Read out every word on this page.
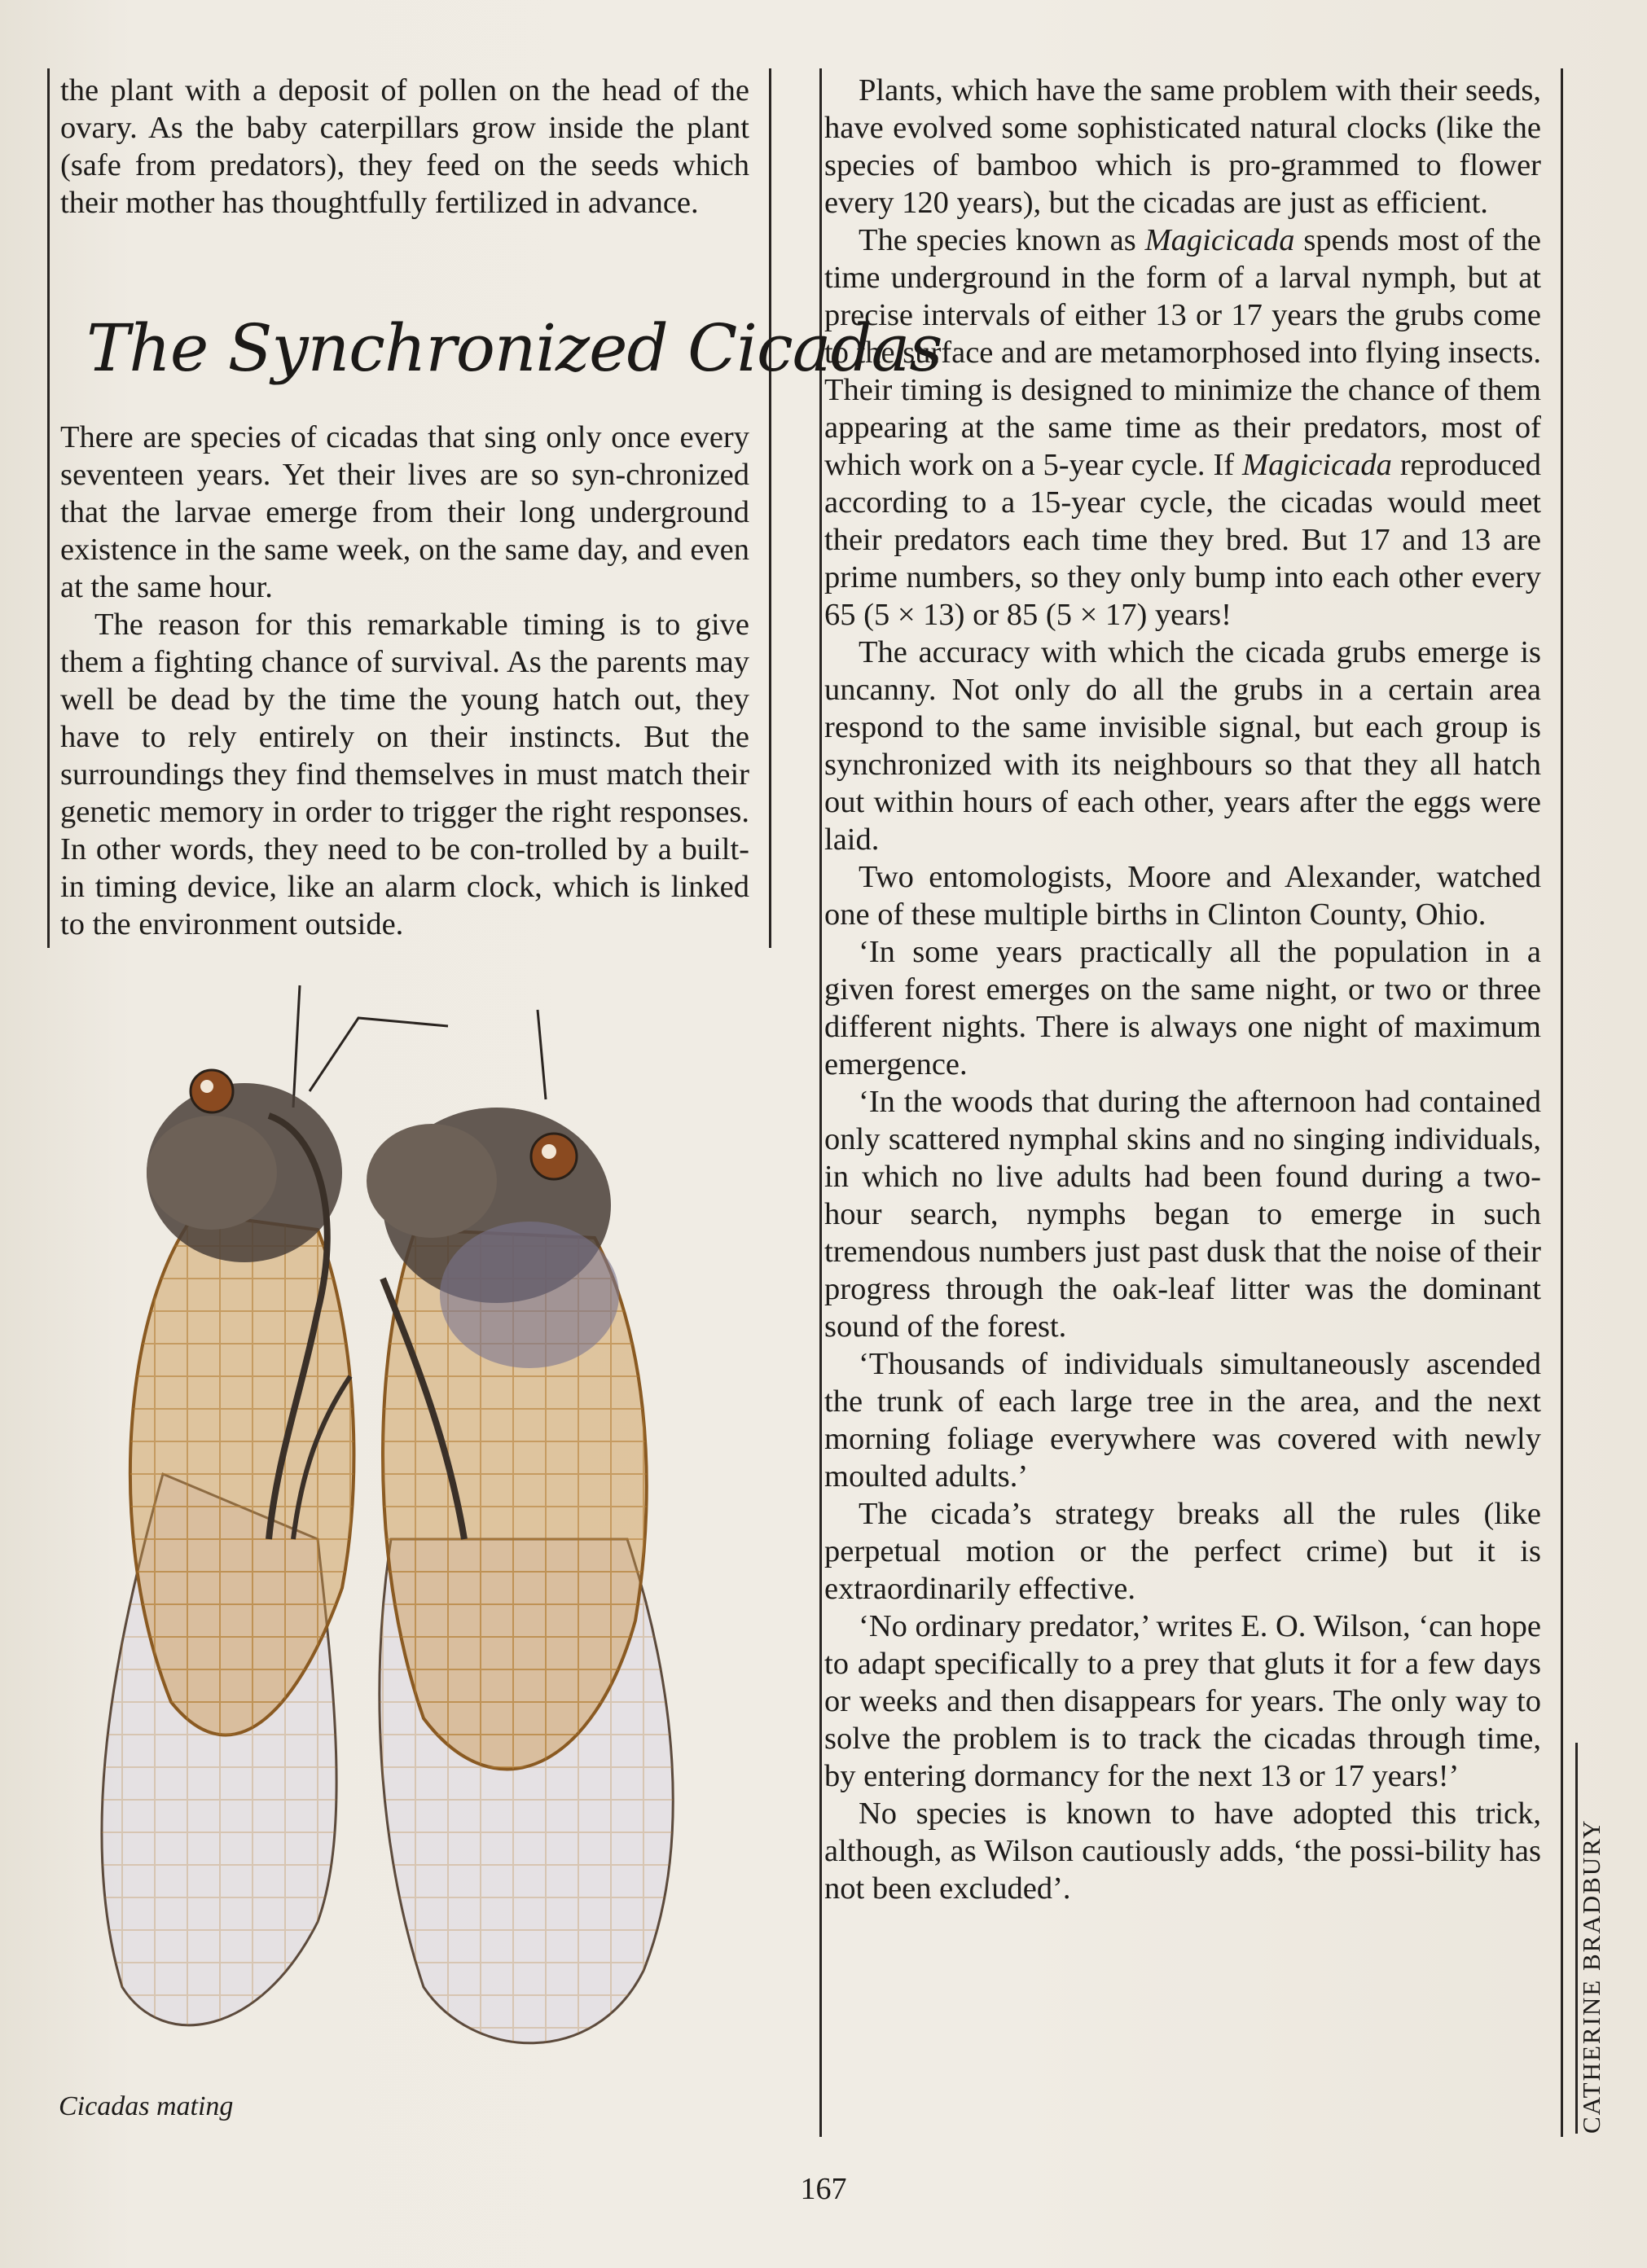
the plant with a deposit of pollen on the head of the ovary. As the baby caterpillars grow inside the plant (safe from predators), they feed on the seeds which their mother has thoughtfully fertilized in advance.

The Synchronized Cicadas

There are species of cicadas that sing only once every seventeen years. Yet their lives are so syn-chronized that the larvae emerge from their long underground existence in the same week, on the same day, and even at the same hour.

The reason for this remarkable timing is to give them a fighting chance of survival. As the parents may well be dead by the time the young hatch out, they have to rely entirely on their instincts. But the surroundings they find themselves in must match their genetic memory in order to trigger the right responses. In other words, they need to be con-trolled by a built-in timing device, like an alarm clock, which is linked to the environment outside.

Cicadas mating

Plants, which have the same problem with their seeds, have evolved some sophisticated natural clocks (like the species of bamboo which is pro-grammed to flower every 120 years), but the cicadas are just as efficient.

The species known as Magicicada spends most of the time underground in the form of a larval nymph, but at precise intervals of either 13 or 17 years the grubs come to the surface and are metamorphosed into flying insects. Their timing is designed to minimize the chance of them appearing at the same time as their predators, most of which work on a 5-year cycle. If Magicicada reproduced according to a 15-year cycle, the cicadas would meet their predators each time they bred. But 17 and 13 are prime numbers, so they only bump into each other every 65 (5 × 13) or 85 (5 × 17) years!

The accuracy with which the cicada grubs emerge is uncanny. Not only do all the grubs in a certain area respond to the same invisible signal, but each group is synchronized with its neighbours so that they all hatch out within hours of each other, years after the eggs were laid.

Two entomologists, Moore and Alexander, watched one of these multiple births in Clinton County, Ohio.

‘In some years practically all the population in a given forest emerges on the same night, or two or three different nights. There is always one night of maximum emergence.

‘In the woods that during the afternoon had contained only scattered nymphal skins and no singing individuals, in which no live adults had been found during a two-hour search, nymphs began to emerge in such tremendous numbers just past dusk that the noise of their progress through the oak-leaf litter was the dominant sound of the forest.

‘Thousands of individuals simultaneously ascended the trunk of each large tree in the area, and the next morning foliage everywhere was covered with newly moulted adults.’

The cicada’s strategy breaks all the rules (like perpetual motion or the perfect crime) but it is extraordinarily effective.

‘No ordinary predator,’ writes E. O. Wilson, ‘can hope to adapt specifically to a prey that gluts it for a few days or weeks and then disappears for years. The only way to solve the problem is to track the cicadas through time, by entering dormancy for the next 13 or 17 years!’

No species is known to have adopted this trick, although, as Wilson cautiously adds, ‘the possi-bility has not been excluded’.	CATHERINE BRADBURY
167
